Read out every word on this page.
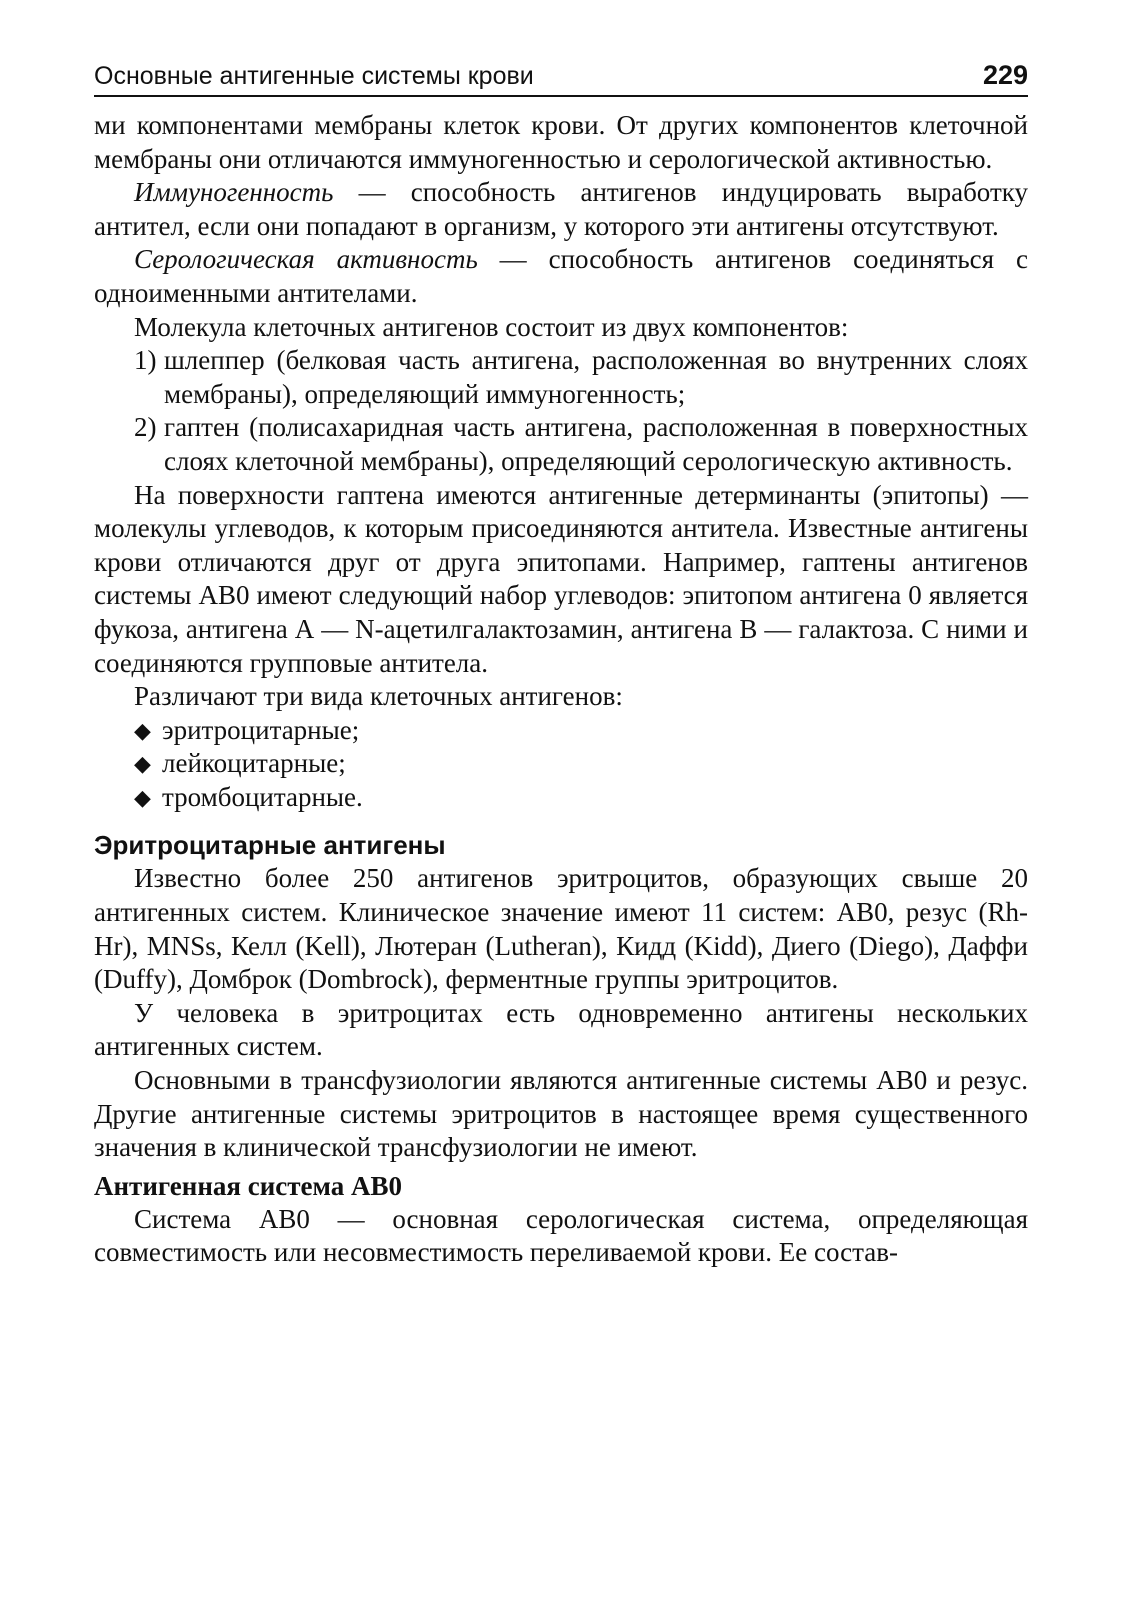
Основные антигенные системы крови	229

ми компонентами мембраны клеток крови. От других компонентов клеточной мембраны они отличаются иммуногенностью и серологической активностью.

Иммуногенность — способность антигенов индуцировать выработку антител, если они попадают в организм, у которого эти антигены отсутствуют.

Серологическая активность — способность антигенов соединяться с одноименными антителами.

Молекула клеточных антигенов состоит из двух компонентов:

1) шлеппер (белковая часть антигена, расположенная во внутренних слоях мембраны), определяющий иммуногенность;
2) гаптен (полисахаридная часть антигена, расположенная в поверхностных слоях клеточной мембраны), определяющий серологическую активность.

На поверхности гаптена имеются антигенные детерминанты (эпитопы) — молекулы углеводов, к которым присоединяются антитела. Известные антигены крови отличаются друг от друга эпитопами. Например, гаптены антигенов системы АВ0 имеют следующий набор углеводов: эпитопом антигена 0 является фукоза, антигена А — N-ацетилгалактозамин, антигена В — галактоза. С ними и соединяются групповые антитела.

Различают три вида клеточных антигенов:

◆ эритроцитарные;
◆ лейкоцитарные;
◆ тромбоцитарные.
Эритроцитарные антигены

Известно более 250 антигенов эритроцитов, образующих свыше 20 антигенных систем. Клиническое значение имеют 11 систем: АВ0, резус (Rh-Hr), MNSs, Келл (Kell), Лютеран (Lutheran), Кидд (Kidd), Диего (Diego), Даффи (Duffy), Домброк (Dombrock), ферментные группы эритроцитов.

У человека в эритроцитах есть одновременно антигены нескольких антигенных систем.

Основными в трансфузиологии являются антигенные системы АВ0 и резус. Другие антигенные системы эритроцитов в настоящее время существенного значения в клинической трансфузиологии не имеют.

Антигенная система АВ0

Система АВ0 — основная серологическая система, определяющая совместимость или несовместимость переливаемой крови. Ее состав-
